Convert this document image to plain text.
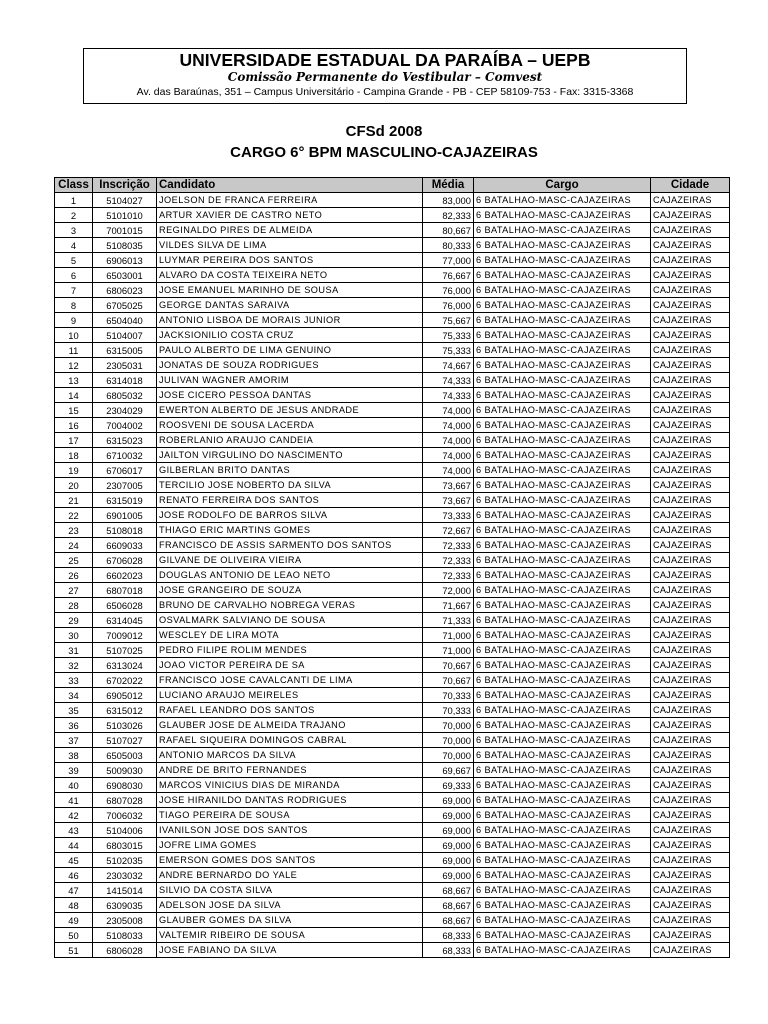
UNIVERSIDADE ESTADUAL DA PARAÍBA – UEPB
Comissão Permanente do Vestibular – Comvest
Av. das Baraúnas, 351 – Campus Universitário - Campina Grande - PB - CEP 58109-753 - Fax: 3315-3368
CFSd 2008
CARGO 6° BPM MASCULINO-CAJAZEIRAS
Class	Inscrição	Candidato	Média	Cargo	Cidade
1	5104027	JOELSON DE FRANCA FERREIRA	83,000	6 BATALHAO-MASC-CAJAZEIRAS	CAJAZEIRAS
2	5101010	ARTUR XAVIER DE CASTRO NETO	82,333	6 BATALHAO-MASC-CAJAZEIRAS	CAJAZEIRAS
3	7001015	REGINALDO PIRES DE ALMEIDA	80,667	6 BATALHAO-MASC-CAJAZEIRAS	CAJAZEIRAS
4	5108035	VILDES SILVA DE LIMA	80,333	6 BATALHAO-MASC-CAJAZEIRAS	CAJAZEIRAS
5	6906013	LUYMAR PEREIRA DOS SANTOS	77,000	6 BATALHAO-MASC-CAJAZEIRAS	CAJAZEIRAS
6	6503001	ALVARO DA COSTA TEIXEIRA NETO	76,667	6 BATALHAO-MASC-CAJAZEIRAS	CAJAZEIRAS
7	6806023	JOSE EMANUEL MARINHO DE SOUSA	76,000	6 BATALHAO-MASC-CAJAZEIRAS	CAJAZEIRAS
8	6705025	GEORGE DANTAS SARAIVA	76,000	6 BATALHAO-MASC-CAJAZEIRAS	CAJAZEIRAS
9	6504040	ANTONIO LISBOA DE MORAIS JUNIOR	75,667	6 BATALHAO-MASC-CAJAZEIRAS	CAJAZEIRAS
10	5104007	JACKSIONILIO COSTA CRUZ	75,333	6 BATALHAO-MASC-CAJAZEIRAS	CAJAZEIRAS
11	6315005	PAULO ALBERTO DE LIMA GENUINO	75,333	6 BATALHAO-MASC-CAJAZEIRAS	CAJAZEIRAS
12	2305031	JONATAS DE SOUZA RODRIGUES	74,667	6 BATALHAO-MASC-CAJAZEIRAS	CAJAZEIRAS
13	6314018	JULIVAN WAGNER AMORIM	74,333	6 BATALHAO-MASC-CAJAZEIRAS	CAJAZEIRAS
14	6805032	JOSE CICERO PESSOA DANTAS	74,333	6 BATALHAO-MASC-CAJAZEIRAS	CAJAZEIRAS
15	2304029	EWERTON ALBERTO DE JESUS ANDRADE	74,000	6 BATALHAO-MASC-CAJAZEIRAS	CAJAZEIRAS
16	7004002	ROOSVENI DE SOUSA LACERDA	74,000	6 BATALHAO-MASC-CAJAZEIRAS	CAJAZEIRAS
17	6315023	ROBERLANIO ARAUJO CANDEIA	74,000	6 BATALHAO-MASC-CAJAZEIRAS	CAJAZEIRAS
18	6710032	JAILTON VIRGULINO DO NASCIMENTO	74,000	6 BATALHAO-MASC-CAJAZEIRAS	CAJAZEIRAS
19	6706017	GILBERLAN BRITO DANTAS	74,000	6 BATALHAO-MASC-CAJAZEIRAS	CAJAZEIRAS
20	2307005	TERCILIO JOSE NOBERTO DA SILVA	73,667	6 BATALHAO-MASC-CAJAZEIRAS	CAJAZEIRAS
21	6315019	RENATO FERREIRA DOS SANTOS	73,667	6 BATALHAO-MASC-CAJAZEIRAS	CAJAZEIRAS
22	6901005	JOSE RODOLFO DE BARROS SILVA	73,333	6 BATALHAO-MASC-CAJAZEIRAS	CAJAZEIRAS
23	5108018	THIAGO ERIC MARTINS GOMES	72,667	6 BATALHAO-MASC-CAJAZEIRAS	CAJAZEIRAS
24	6609033	FRANCISCO DE ASSIS SARMENTO DOS SANTOS	72,333	6 BATALHAO-MASC-CAJAZEIRAS	CAJAZEIRAS
25	6706028	GILVANE DE OLIVEIRA VIEIRA	72,333	6 BATALHAO-MASC-CAJAZEIRAS	CAJAZEIRAS
26	6602023	DOUGLAS ANTONIO DE LEAO NETO	72,333	6 BATALHAO-MASC-CAJAZEIRAS	CAJAZEIRAS
27	6807018	JOSE GRANGEIRO DE SOUZA	72,000	6 BATALHAO-MASC-CAJAZEIRAS	CAJAZEIRAS
28	6506028	BRUNO DE CARVALHO NOBREGA VERAS	71,667	6 BATALHAO-MASC-CAJAZEIRAS	CAJAZEIRAS
29	6314045	OSVALMARK SALVIANO DE SOUSA	71,333	6 BATALHAO-MASC-CAJAZEIRAS	CAJAZEIRAS
30	7009012	WESCLEY DE LIRA MOTA	71,000	6 BATALHAO-MASC-CAJAZEIRAS	CAJAZEIRAS
31	5107025	PEDRO FILIPE ROLIM MENDES	71,000	6 BATALHAO-MASC-CAJAZEIRAS	CAJAZEIRAS
32	6313024	JOAO VICTOR PEREIRA DE SA	70,667	6 BATALHAO-MASC-CAJAZEIRAS	CAJAZEIRAS
33	6702022	FRANCISCO JOSE CAVALCANTI DE LIMA	70,667	6 BATALHAO-MASC-CAJAZEIRAS	CAJAZEIRAS
34	6905012	LUCIANO ARAUJO MEIRELES	70,333	6 BATALHAO-MASC-CAJAZEIRAS	CAJAZEIRAS
35	6315012	RAFAEL LEANDRO DOS SANTOS	70,333	6 BATALHAO-MASC-CAJAZEIRAS	CAJAZEIRAS
36	5103026	GLAUBER JOSE DE ALMEIDA TRAJANO	70,000	6 BATALHAO-MASC-CAJAZEIRAS	CAJAZEIRAS
37	5107027	RAFAEL SIQUEIRA DOMINGOS CABRAL	70,000	6 BATALHAO-MASC-CAJAZEIRAS	CAJAZEIRAS
38	6505003	ANTONIO MARCOS DA SILVA	70,000	6 BATALHAO-MASC-CAJAZEIRAS	CAJAZEIRAS
39	5009030	ANDRE DE BRITO FERNANDES	69,667	6 BATALHAO-MASC-CAJAZEIRAS	CAJAZEIRAS
40	6908030	MARCOS VINICIUS DIAS DE MIRANDA	69,333	6 BATALHAO-MASC-CAJAZEIRAS	CAJAZEIRAS
41	6807028	JOSE HIRANILDO DANTAS RODRIGUES	69,000	6 BATALHAO-MASC-CAJAZEIRAS	CAJAZEIRAS
42	7006032	TIAGO PEREIRA DE SOUSA	69,000	6 BATALHAO-MASC-CAJAZEIRAS	CAJAZEIRAS
43	5104006	IVANILSON JOSE DOS SANTOS	69,000	6 BATALHAO-MASC-CAJAZEIRAS	CAJAZEIRAS
44	6803015	JOFRE LIMA GOMES	69,000	6 BATALHAO-MASC-CAJAZEIRAS	CAJAZEIRAS
45	5102035	EMERSON GOMES DOS SANTOS	69,000	6 BATALHAO-MASC-CAJAZEIRAS	CAJAZEIRAS
46	2303032	ANDRE BERNARDO DO YALE	69,000	6 BATALHAO-MASC-CAJAZEIRAS	CAJAZEIRAS
47	1415014	SILVIO DA COSTA SILVA	68,667	6 BATALHAO-MASC-CAJAZEIRAS	CAJAZEIRAS
48	6309035	ADELSON JOSE DA SILVA	68,667	6 BATALHAO-MASC-CAJAZEIRAS	CAJAZEIRAS
49	2305008	GLAUBER GOMES DA SILVA	68,667	6 BATALHAO-MASC-CAJAZEIRAS	CAJAZEIRAS
50	5108033	VALTEMIR RIBEIRO DE SOUSA	68,333	6 BATALHAO-MASC-CAJAZEIRAS	CAJAZEIRAS
51	6806028	JOSE FABIANO DA SILVA	68,333	6 BATALHAO-MASC-CAJAZEIRAS	CAJAZEIRAS
